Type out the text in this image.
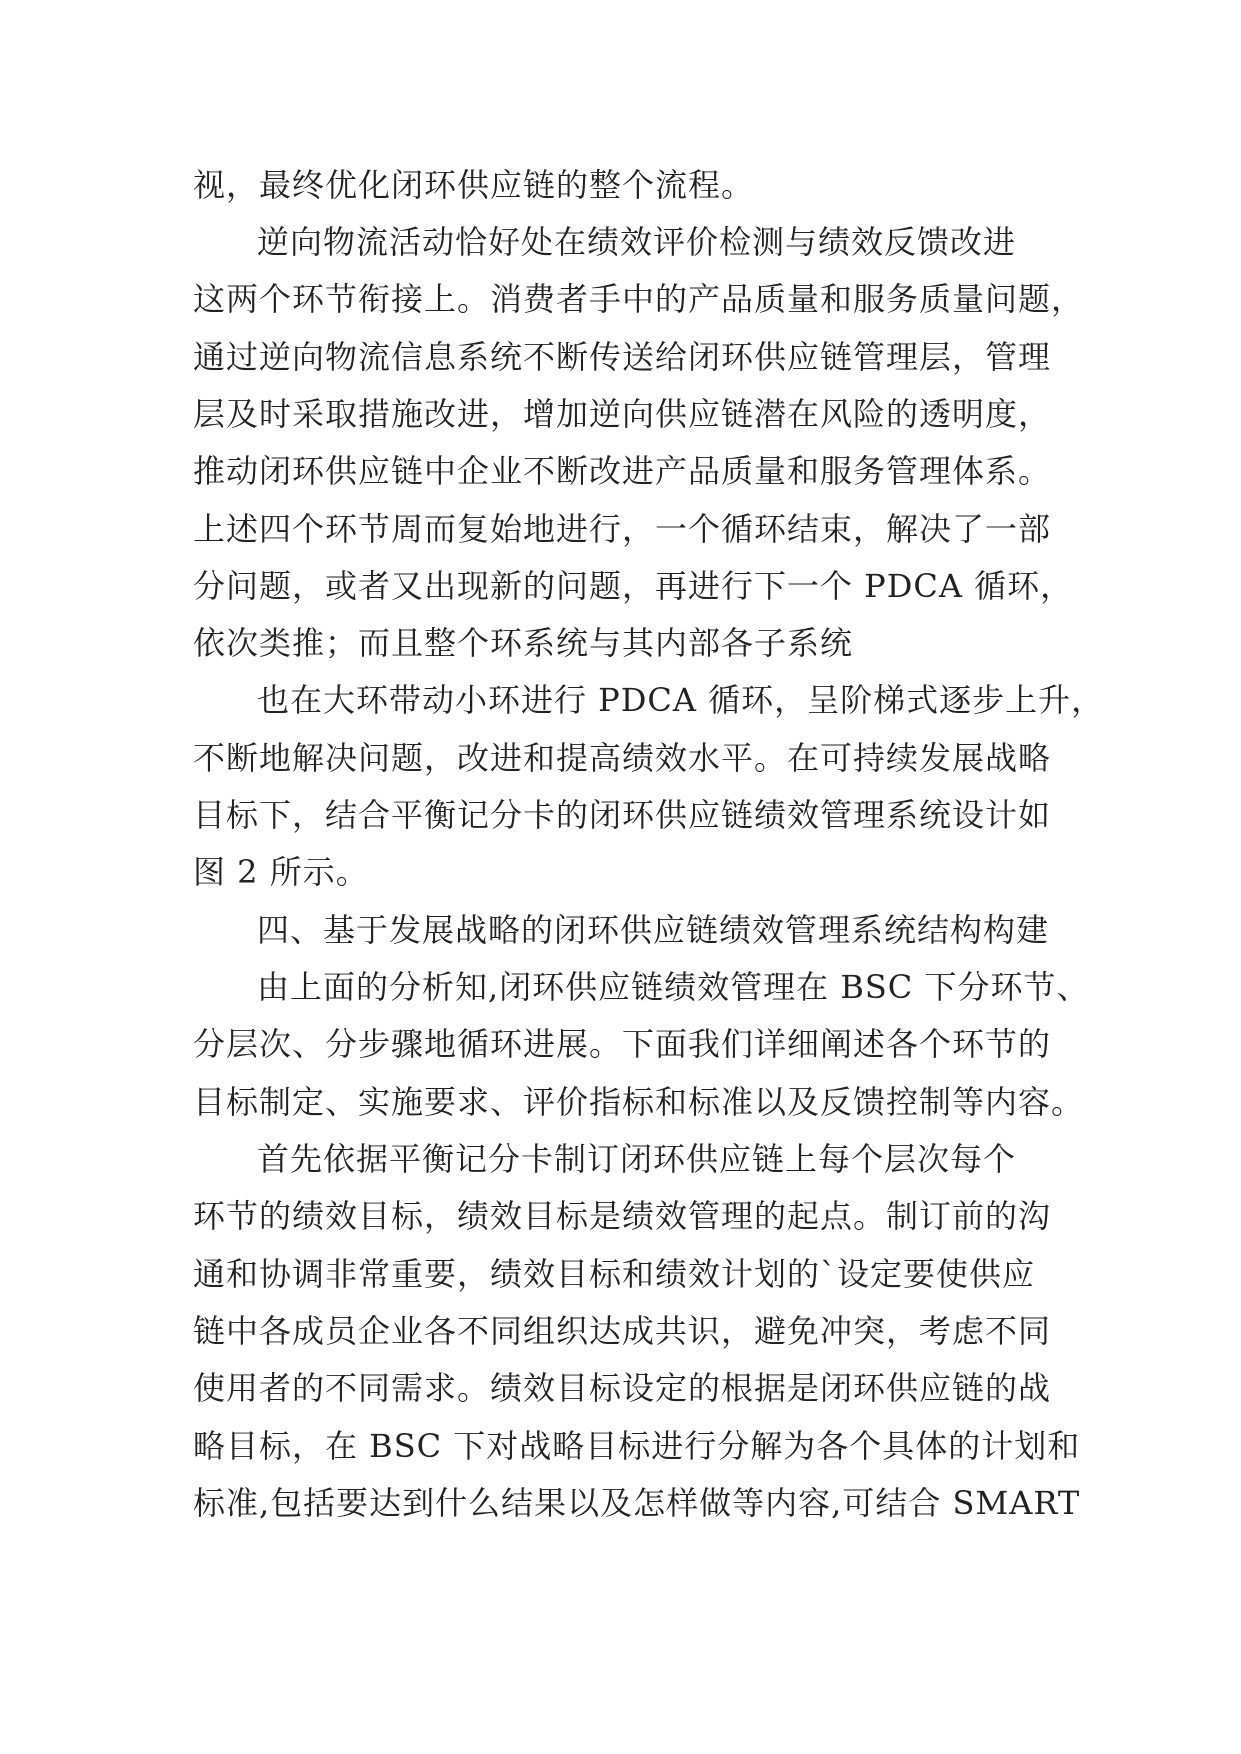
视，最终优化闭环供应链的整个流程。
逆向物流活动恰好处在绩效评价检测与绩效反馈改进
这两个环节衔接上。消费者手中的产品质量和服务质量问题，
通过逆向物流信息系统不断传送给闭环供应链管理层，管理
层及时采取措施改进，增加逆向供应链潜在风险的透明度，
推动闭环供应链中企业不断改进产品质量和服务管理体系。
上述四个环节周而复始地进行，一个循环结束，解决了一部
分问题，或者又出现新的问题，再进行下一个 PDCA 循环，
依次类推；而且整个环系统与其内部各子系统
也在大环带动小环进行 PDCA 循环，呈阶梯式逐步上升，
不断地解决问题，改进和提高绩效水平。在可持续发展战略
目标下，结合平衡记分卡的闭环供应链绩效管理系统设计如
图 2 所示。
四、基于发展战略的闭环供应链绩效管理系统结构构建
由上面的分析知,闭环供应链绩效管理在 BSC 下分环节、
分层次、分步骤地循环进展。下面我们详细阐述各个环节的
目标制定、实施要求、评价指标和标准以及反馈控制等内容。
首先依据平衡记分卡制订闭环供应链上每个层次每个
环节的绩效目标，绩效目标是绩效管理的起点。制订前的沟
通和协调非常重要，绩效目标和绩效计划的`设定要使供应
链中各成员企业各不同组织达成共识，避免冲突，考虑不同
使用者的不同需求。绩效目标设定的根据是闭环供应链的战
略目标，在 BSC 下对战略目标进行分解为各个具体的计划和
标准,包括要达到什么结果以及怎样做等内容,可结合 SMART
